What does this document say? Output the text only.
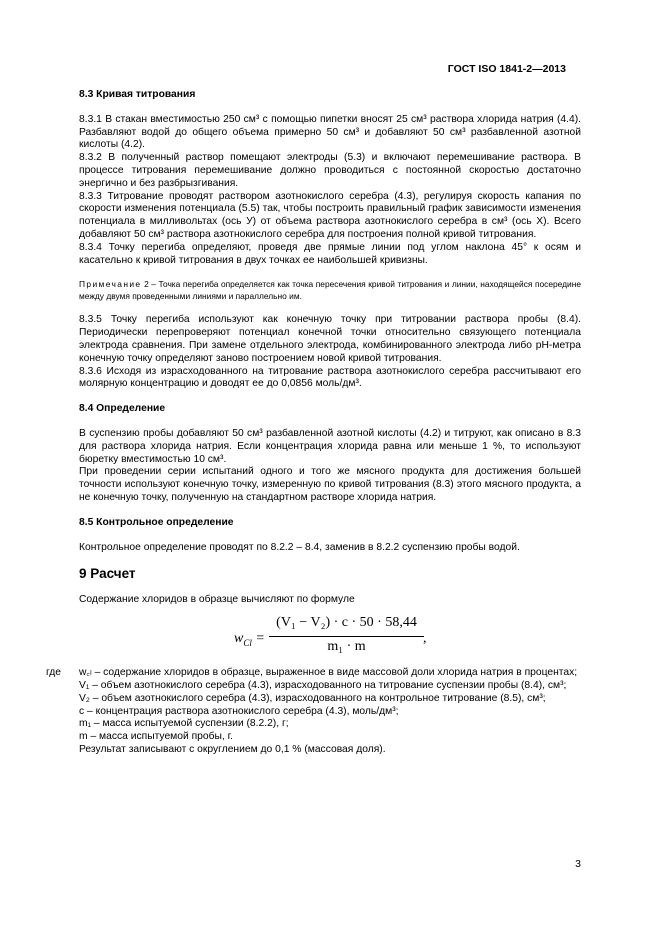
ГОСТ ISO 1841-2—2013

8.3 Кривая титрования

8.3.1 В стакан вместимостью 250 см³ с помощью пипетки вносят 25 см³ раствора хлорида натрия (4.4). Разбавляют водой до общего объема примерно 50 см³ и добавляют 50 см³ разбавленной азотной кислоты (4.2).

8.3.2 В полученный раствор помещают электроды (5.3) и включают перемешивание раствора. В процессе титрования перемешивание должно проводиться с постоянной скоростью достаточно энергично и без разбрызгивания.

8.3.3 Титрование проводят раствором азотнокислого серебра (4.3), регулируя скорость капания по скорости изменения потенциала (5.5) так, чтобы построить правильный график зависимости изменения потенциала в милливольтах (ось У) от объема раствора азотнокислого серебра в см³ (ось Х). Всего добавляют 50 см³ раствора азотнокислого серебра для построения полной кривой титрования.

8.3.4 Точку перегиба определяют, проведя две прямые линии под углом наклона 45° к осям и касательно к кривой титрования в двух точках ее наибольшей кривизны.

Примечание 2 – Точка перегиба определяется как точка пересечения кривой титрования и линии, находящейся посередине между двумя проведенными линиями и параллельно им.

8.3.5 Точку перегиба используют как конечную точку при титровании раствора пробы (8.4). Периодически перепроверяют потенциал конечной точки относительно связующего потенциала электрода сравнения. При замене отдельного электрода, комбинированного электрода либо рН-метра конечную точку определяют заново построением новой кривой титрования.

8.3.6 Исходя из израсходованного на титрование раствора азотнокислого серебра рассчитывают его молярную концентрацию и доводят ее до 0,0856 моль/дм³.

8.4 Определение

В суспензию пробы добавляют 50 см³ разбавленной азотной кислоты (4.2) и титруют, как описано в 8.3 для раствора хлорида натрия. Если концентрация хлорида равна или меньше 1 %, то используют бюретку вместимостью 10 см³.

При проведении серии испытаний одного и того же мясного продукта для достижения большей точности используют конечную точку, измеренную по кривой титрования (8.3) этого мясного продукта, а не конечную точку, полученную на стандартном растворе хлорида натрия.

8.5 Контрольное определение

Контрольное определение проводят по 8.2.2 – 8.4, заменив в 8.2.2 суспензию пробы водой.

9 Расчет

Содержание хлоридов в образце вычисляют по формуле

$w_{Cl}$ =
(V₁ − V₂) · c · 50 · 58,44
m₁ · m
,
где w꜀ₗ – содержание хлоридов в образце, выраженное в виде массовой доли хлорида натрия в процентах;

V₁ – объем азотнокислого серебра (4.3), израсходованного на титрование суспензии пробы (8.4), см³;

V₂ – объем азотнокислого серебра (4.3), израсходованного на контрольное титрование (8.5), см³;

c – концентрация раствора азотнокислого серебра (4.3), моль/дм³;

m₁ – масса испытуемой суспензии (8.2.2), г;

m – масса испытуемой пробы, г.

Результат записывают с округлением до 0,1 % (массовая доля).

3
